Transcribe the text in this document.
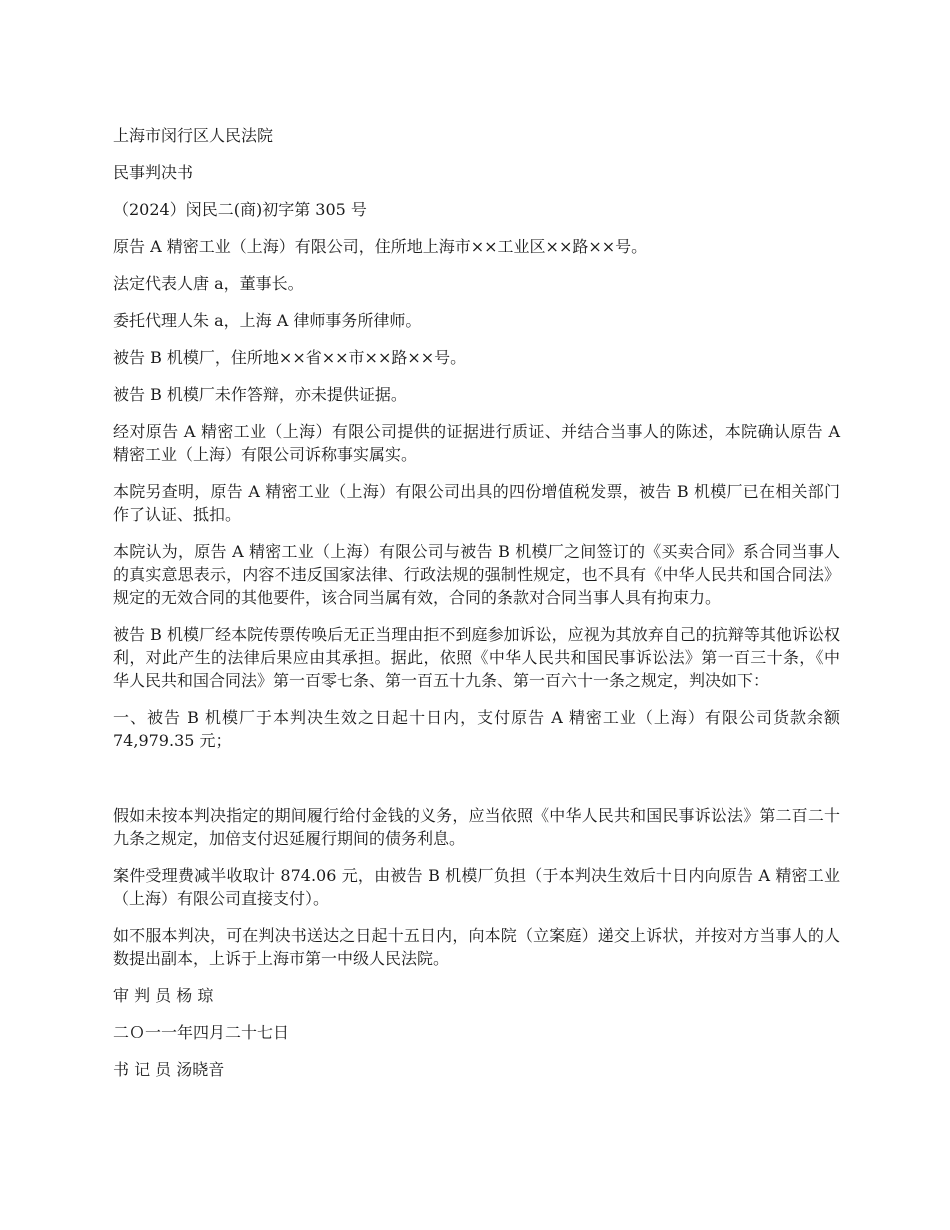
上海市闵行区人民法院

民事判决书

（2024）闵民二(商)初字第 305 号

原告 A 精密工业（上海）有限公司，住所地上海市××工业区××路××号。

法定代表人唐 a，董事长。

委托代理人朱 a，上海 A 律师事务所律师。

被告 B 机模厂，住所地××省××市××路××号。

被告 B 机模厂未作答辩，亦未提供证据。

经对原告 A 精密工业（上海）有限公司提供的证据进行质证、并结合当事人的陈述，本院确认原告 A 精密工业（上海）有限公司诉称事实属实。

本院另查明，原告 A 精密工业（上海）有限公司出具的四份增值税发票，被告 B 机模厂已在相关部门作了认证、抵扣。

本院认为，原告 A 精密工业（上海）有限公司与被告 B 机模厂之间签订的《买卖合同》系合同当事人的真实意思表示，内容不违反国家法律、行政法规的强制性规定，也不具有《中华人民共和国合同法》规定的无效合同的其他要件，该合同当属有效，合同的条款对合同当事人具有拘束力。

被告 B 机模厂经本院传票传唤后无正当理由拒不到庭参加诉讼，应视为其放弃自己的抗辩等其他诉讼权利，对此产生的法律后果应由其承担。据此，依照《中华人民共和国民事诉讼法》第一百三十条，《中华人民共和国合同法》第一百零七条、第一百五十九条、第一百六十一条之规定，判决如下：

一、被告 B 机模厂于本判决生效之日起十日内，支付原告 A 精密工业（上海）有限公司货款余额 74,979.35 元；

假如未按本判决指定的期间履行给付金钱的义务，应当依照《中华人民共和国民事诉讼法》第二百二十九条之规定，加倍支付迟延履行期间的债务利息。

案件受理费减半收取计 874.06 元，由被告 B 机模厂负担（于本判决生效后十日内向原告 A 精密工业（上海）有限公司直接支付）。

如不服本判决，可在判决书送达之日起十五日内，向本院（立案庭）递交上诉状，并按对方当事人的人数提出副本，上诉于上海市第一中级人民法院。

审 判 员 杨 琼

二Ｏ一一年四月二十七日

书 记 员 汤晓音
